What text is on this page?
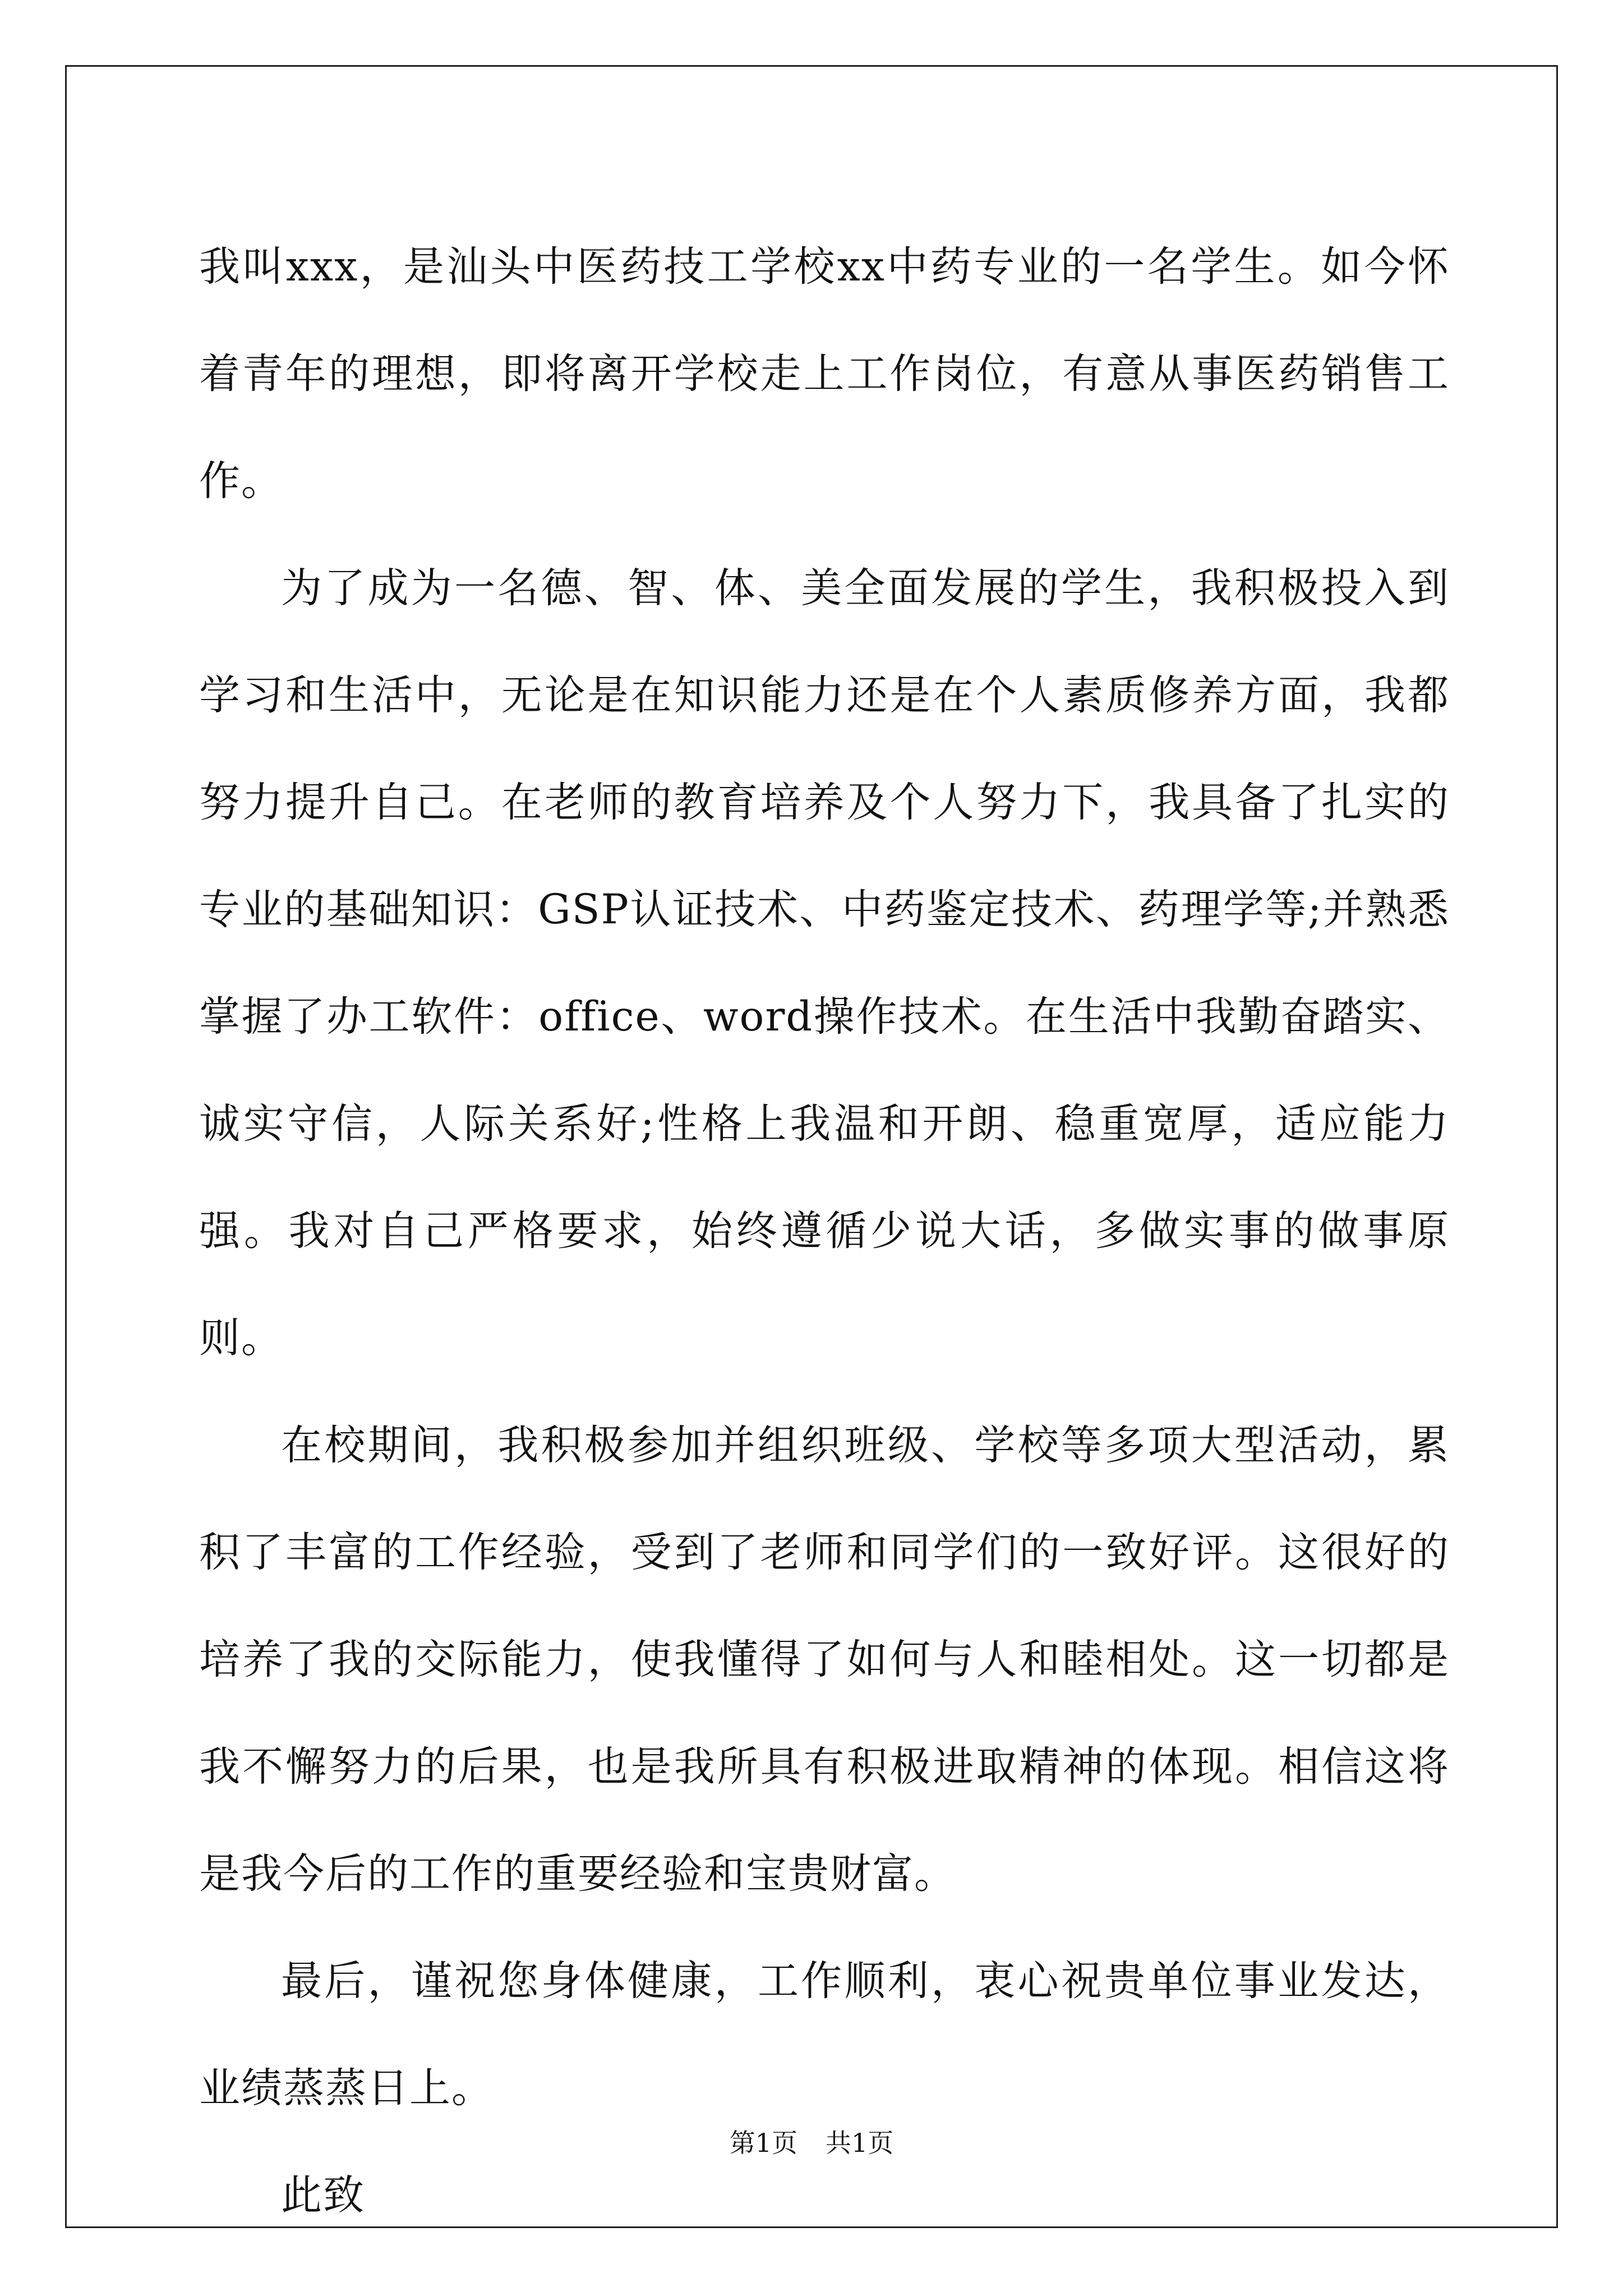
我叫xxx，是汕头中医药技工学校xx中药专业的一名学生。如今怀着青年的理想，即将离开学校走上工作岗位，有意从事医药销售工作。

为了成为一名德、智、体、美全面发展的学生，我积极投入到学习和生活中，无论是在知识能力还是在个人素质修养方面，我都努力提升自己。在老师的教育培养及个人努力下，我具备了扎实的专业的基础知识：GSP认证技术、中药鉴定技术、药理学等;并熟悉掌握了办工软件：office、word操作技术。在生活中我勤奋踏实、诚实守信，人际关系好;性格上我温和开朗、稳重宽厚，适应能力强。我对自己严格要求，始终遵循少说大话，多做实事的做事原则。

在校期间，我积极参加并组织班级、学校等多项大型活动，累积了丰富的工作经验，受到了老师和同学们的一致好评。这很好的培养了我的交际能力，使我懂得了如何与人和睦相处。这一切都是我不懈努力的后果，也是我所具有积极进取精神的体现。相信这将是我今后的工作的重要经验和宝贵财富。

最后，谨祝您身体健康，工作顺利，衷心祝贵单位事业发达，业绩蒸蒸日上。

此致

第1页 共1页
